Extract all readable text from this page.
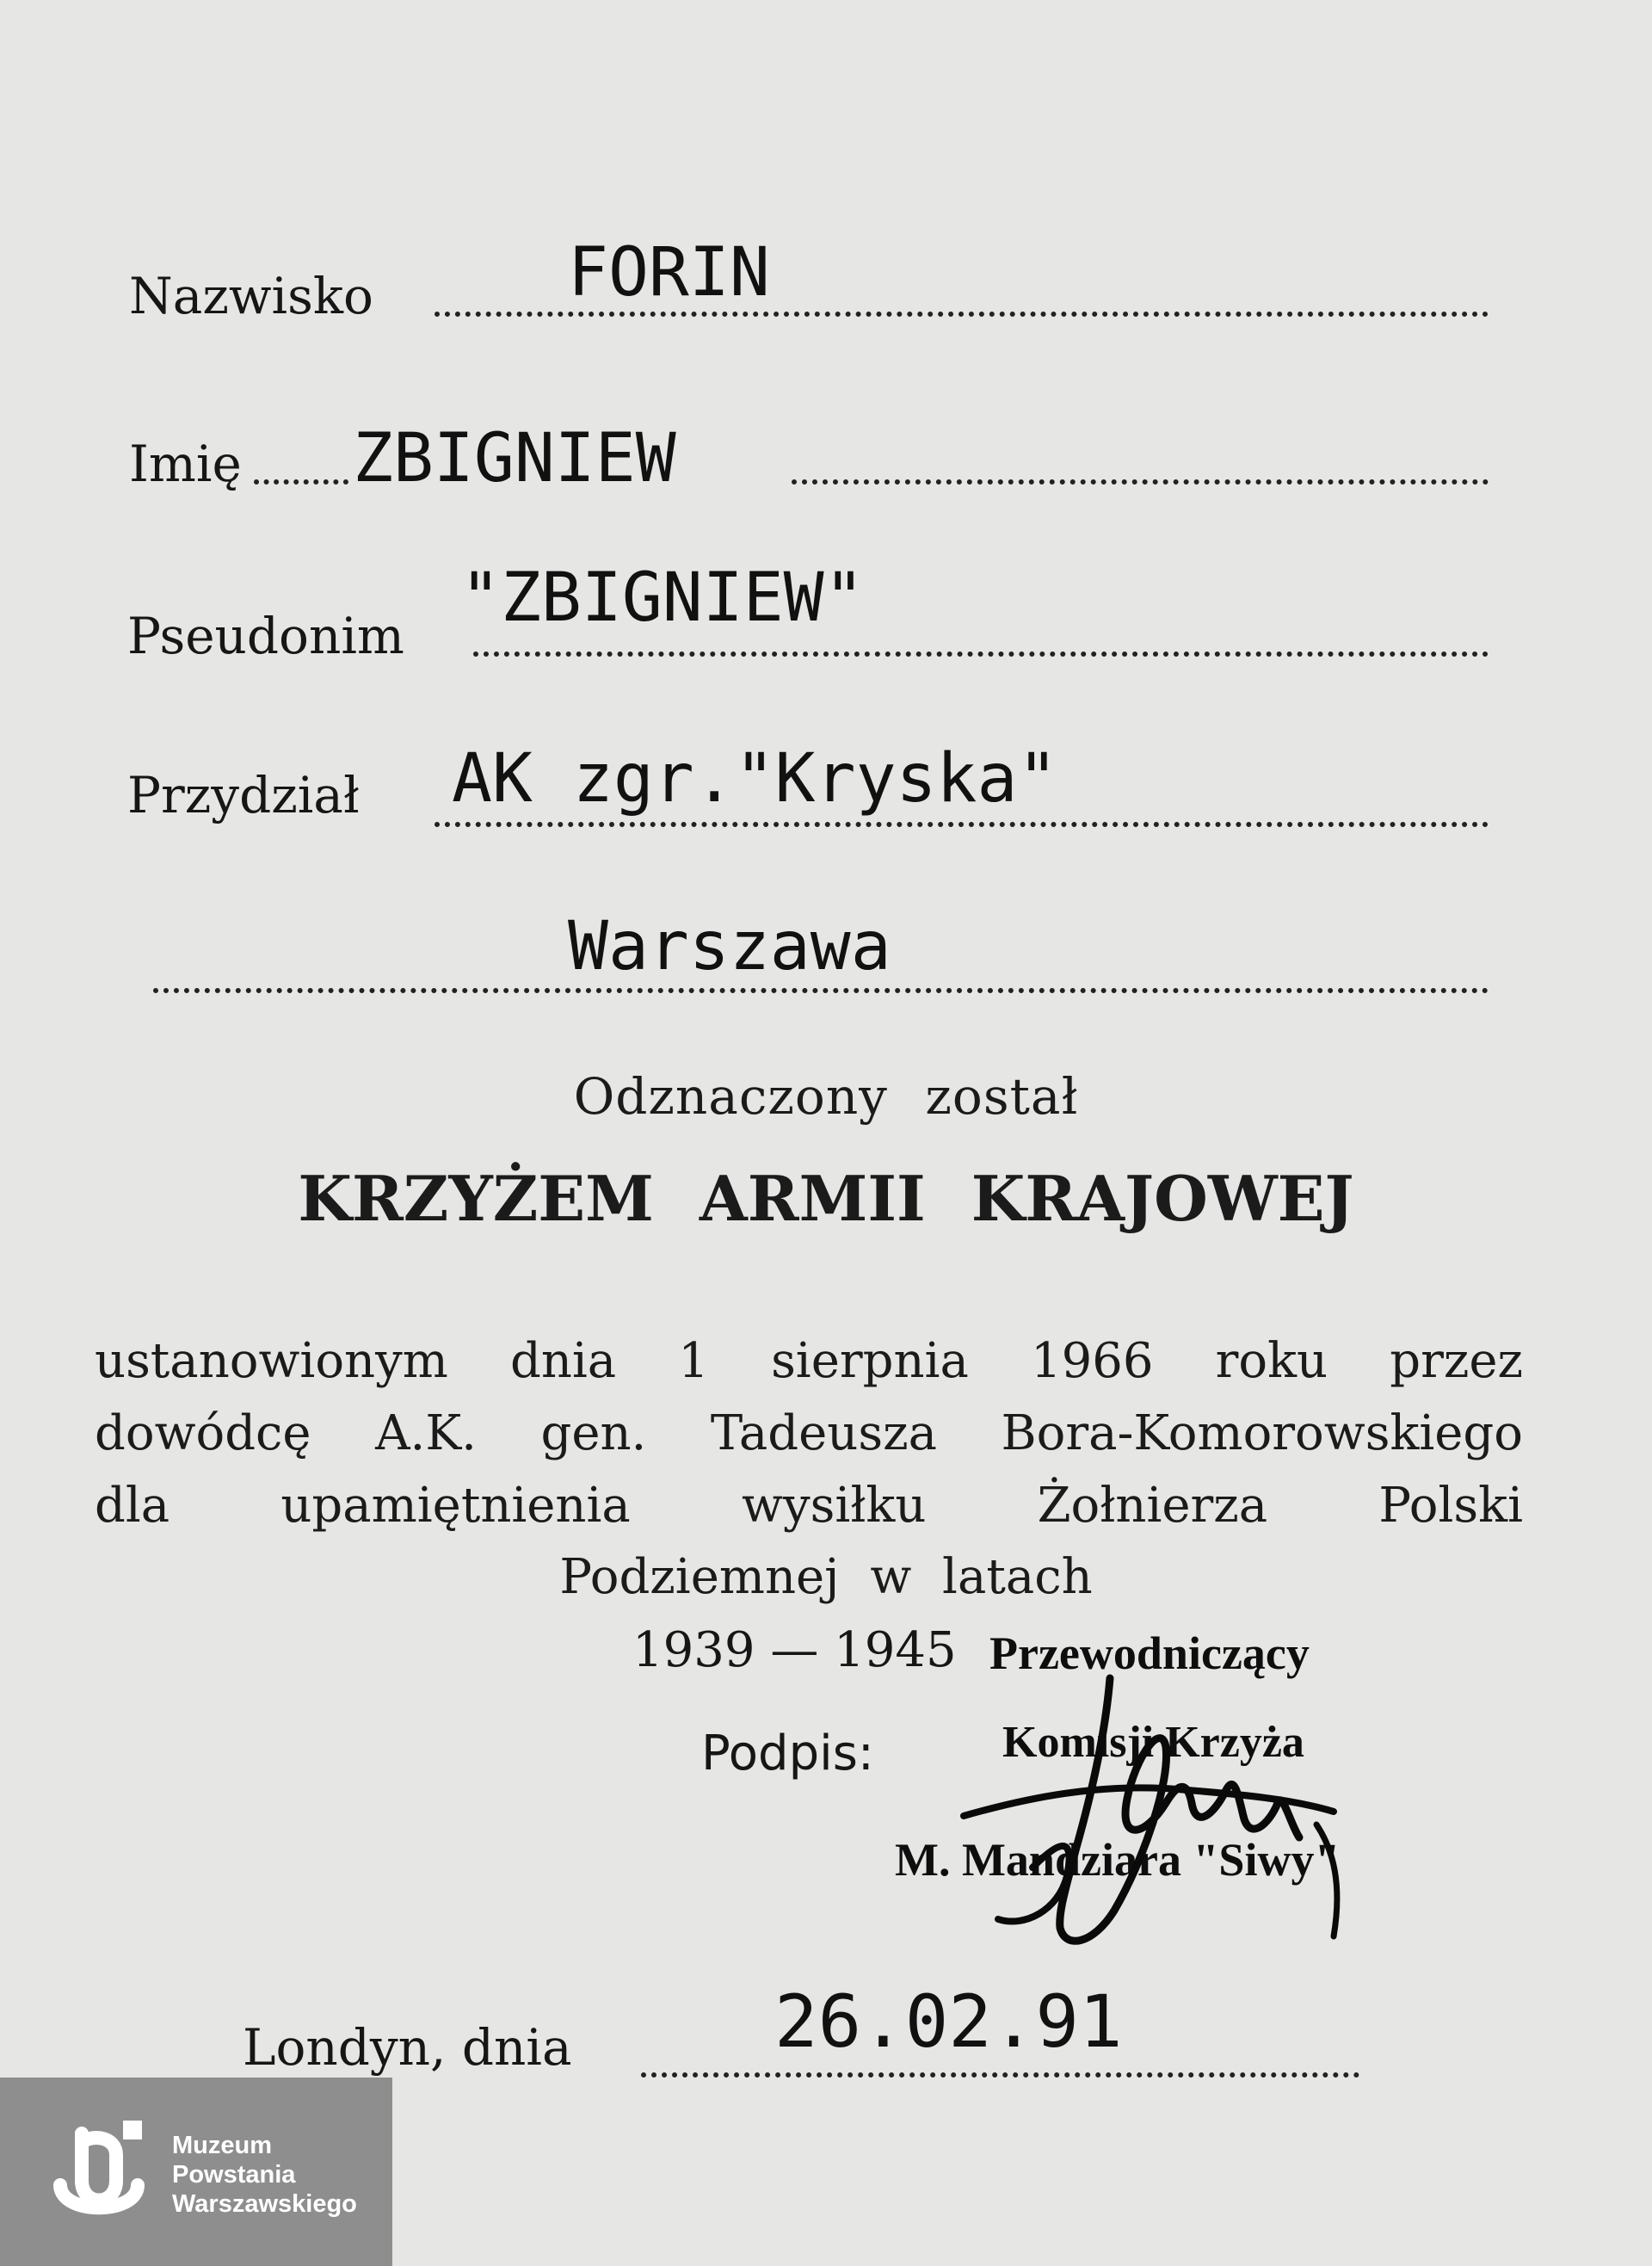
Nazwisko	FORIN
Imię ZBIGNIEW
"ZBIGNIEW"
Pseudonim
Przydział AK zgr."Kryska"
Warszawa
Odznaczony został
KRZYŻEM ARMII KRAJOWEJ
ustanowionym dnia 1 sierpnia 1966 roku przez
dowódcę A.K. gen. Tadeusza Bora-Komorowskiego
dla upamiętnienia wysiłku Żołnierza Polski
Podziemnej w latach
1939 — 1945
Podpis:
Przewodniczący
Komisji Krzyża
M. Mandziara "Siwy"
Londyn, dnia	26.02.91
Muzeum
Powstania
Warszawskiego
